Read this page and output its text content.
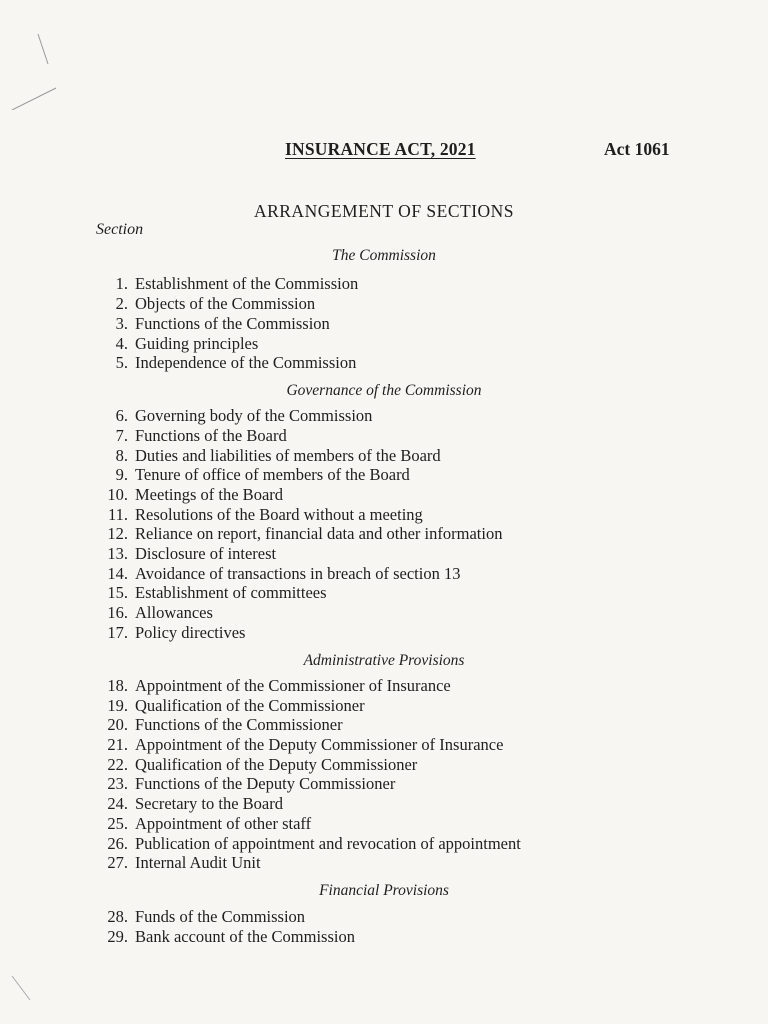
INSURANCE ACT, 2021	Act 1061
ARRANGEMENT OF SECTIONS
Section
The Commission
1. Establishment of the Commission
2. Objects of the Commission
3. Functions of the Commission
4. Guiding principles
5. Independence of the Commission
Governance of the Commission
6. Governing body of the Commission
7. Functions of the Board
8. Duties and liabilities of members of the Board
9. Tenure of office of members of the Board
10. Meetings of the Board
11. Resolutions of the Board without a meeting
12. Reliance on report, financial data and other information
13. Disclosure of interest
14. Avoidance of transactions in breach of section 13
15. Establishment of committees
16. Allowances
17. Policy directives
Administrative Provisions
18. Appointment of the Commissioner of Insurance
19. Qualification of the Commissioner
20. Functions of the Commissioner
21. Appointment of the Deputy Commissioner of Insurance
22. Qualification of the Deputy Commissioner
23. Functions of the Deputy Commissioner
24. Secretary to the Board
25. Appointment of other staff
26. Publication of appointment and revocation of appointment
27. Internal Audit Unit
Financial Provisions
28. Funds of the Commission
29. Bank account of the Commission
